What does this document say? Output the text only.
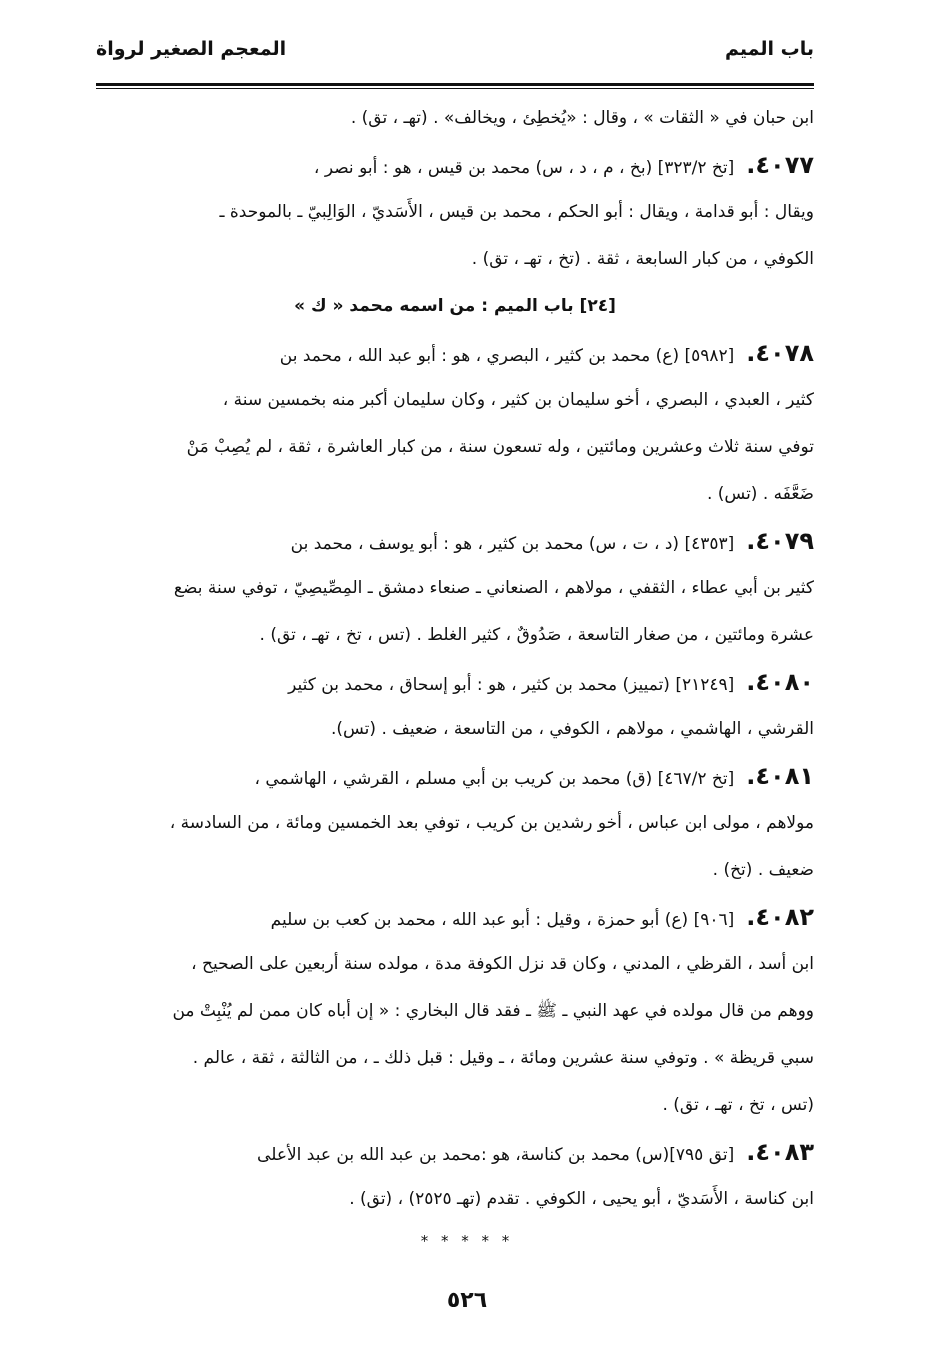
باب الميم
المعجم الصغير لرواة
ابن حبان في « الثقات » ، وقال : «يُخطِئ ، ويخالف» . (تهـ ، تق) .
٤٠٧٧.[تخ ٣٢٣/٢] (بخ ، م ، د ، س) محمد بن قيس ، هو : أبو نصر ،
ويقال : أبو قدامة ، ويقال : أبو الحكم ، محمد بن قيس ، الأَسَديّ ، الوَالِبيّ ـ بالموحدة ـ
الكوفي ، من كبار السابعة ، ثقة . (تخ ، تهـ ، تق) .
[٢٤] باب الميم : من اسمه محمد « ك »
٤٠٧٨.[٥٩٨٢] (ع) محمد بن كثير ، البصري ، هو : أبو عبد الله ، محمد بن
كثير ، العبدي ، البصري ، أخو سليمان بن كثير ، وكان سليمان أكبر منه بخمسين سنة ،
توفي سنة ثلاث وعشرين ومائتين ، وله تسعون سنة ، من كبار العاشرة ، ثقة ، لم يُصِبْ مَنْ
ضَعَّفَه . (تس) .
٤٠٧٩.[٤٣٥٣] (د ، ت ، س) محمد بن كثير ، هو : أبو يوسف ، محمد بن
كثير بن أبي عطاء ، الثقفي ، مولاهم ، الصنعاني ـ صنعاء دمشق ـ المِصِّيصِيّ ، توفي سنة بضع
عشرة ومائتين ، من صغار التاسعة ، صَدُوقٌ ، كثير الغلط . (تس ، تخ ، تهـ ، تق) .
٤٠٨٠.[٢١٢٤٩] (تمييز) محمد بن كثير ، هو : أبو إسحاق ، محمد بن كثير
القرشي ، الهاشمي ، مولاهم ، الكوفي ، من التاسعة ، ضعيف . (تس).
٤٠٨١.[تخ ٤٦٧/٢] (ق) محمد بن كريب بن أبي مسلم ، القرشي ، الهاشمي ،
مولاهم ، مولى ابن عباس ، أخو رشدين بن كريب ، توفي بعد الخمسين ومائة ، من السادسة ،
ضعيف . (تخ) .
٤٠٨٢.[٩٠٦] (ع) أبو حمزة ، وقيل : أبو عبد الله ، محمد بن كعب بن سليم
ابن أسد ، القرظي ، المدني ، وكان قد نزل الكوفة مدة ، مولده سنة أربعين على الصحيح ،
ووهم من قال مولده في عهد النبي ـ ﷺ ـ فقد قال البخاري : « إن أباه كان ممن لم يُنْبِتْ من
سبي قريظة » . وتوفي سنة عشرين ومائة ، ـ وقيل : قبل ذلك ـ ، من الثالثة ، ثقة ، عالم .
(تس ، تخ ، تهـ ، تق) .
٤٠٨٣.[تق ٧٩٥](س) محمد بن كناسة، هو :محمد بن عبد الله بن عبد الأعلى
ابن كناسة ، الأَسَديّ ، أبو يحيى ، الكوفي . تقدم (تهـ ٢٥٢٥) ، (تق) .
* * * * *
٥٢٦
